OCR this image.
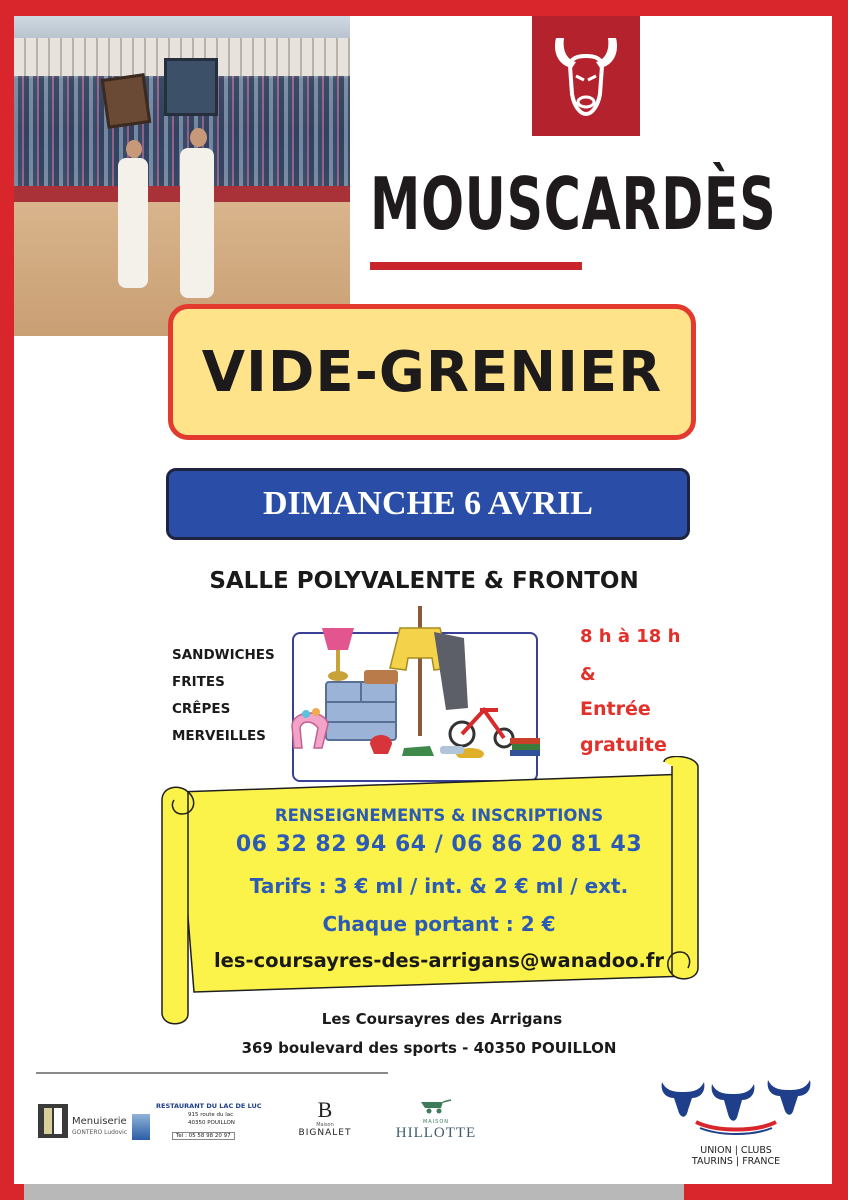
MOUSCARDÈS
VIDE-GRENIER
DIMANCHE 6 AVRIL
SALLE POLYVALENTE & FRONTON
SANDWICHES
FRITES
CRÊPES
MERVEILLES
8 h à 18 h
&
Entrée
gratuite
RENSEIGNEMENTS & INSCRIPTIONS
06 32 82 94 64 / 06 86 20 81 43
Tarifs : 3 € ml / int. & 2 € ml / ext.
Chaque portant : 2 €
les-coursayres-des-arrigans@wanadoo.fr
Les Coursayres des Arrigans
369 boulevard des sports - 40350 POUILLON
Menuiserie
GONTERO Ludovic
RESTAURANT DU LAC DE LUC
915 route du lac
40350 POUILLON
Tel : 05 58 98 20 97
B
Maison
BIGNALET
MAISON
HILLOTTE
UNION | CLUBS
TAURINS | FRANCE
